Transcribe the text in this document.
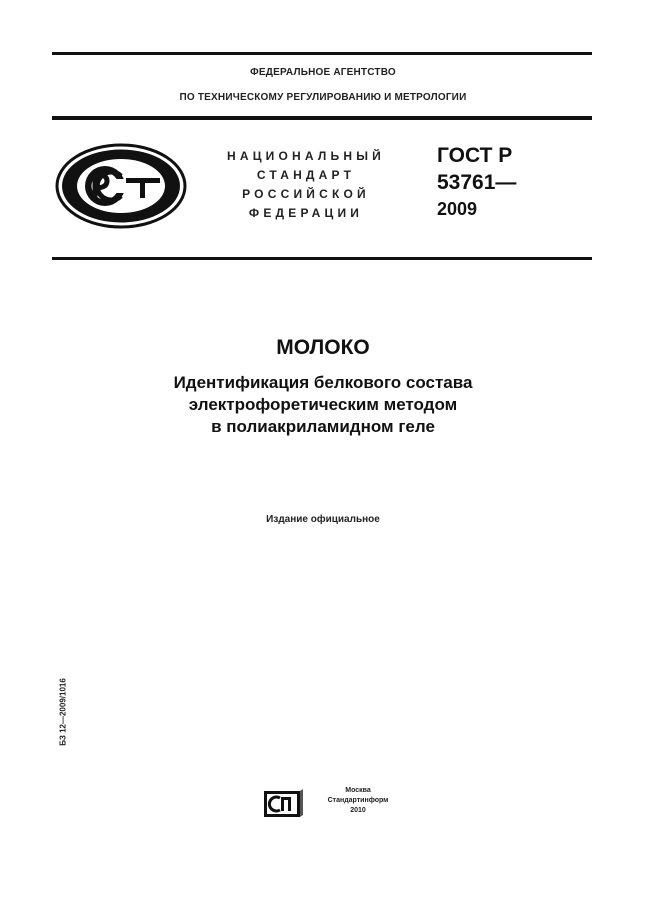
ФЕДЕРАЛЬНОЕ АГЕНТСТВО
ПО ТЕХНИЧЕСКОМУ РЕГУЛИРОВАНИЮ И МЕТРОЛОГИИ
НАЦИОНАЛЬНЫЙ
СТАНДАРТ
РОССИЙСКОЙ
ФЕДЕРАЦИИ
ГОСТ Р
53761—
2009
МОЛОКО
Идентификация белкового состава
электрофоретическим методом
в полиакриламидном геле
Издание официальное
БЗ 12—2009/1016
Москва
Стандартинформ
2010
